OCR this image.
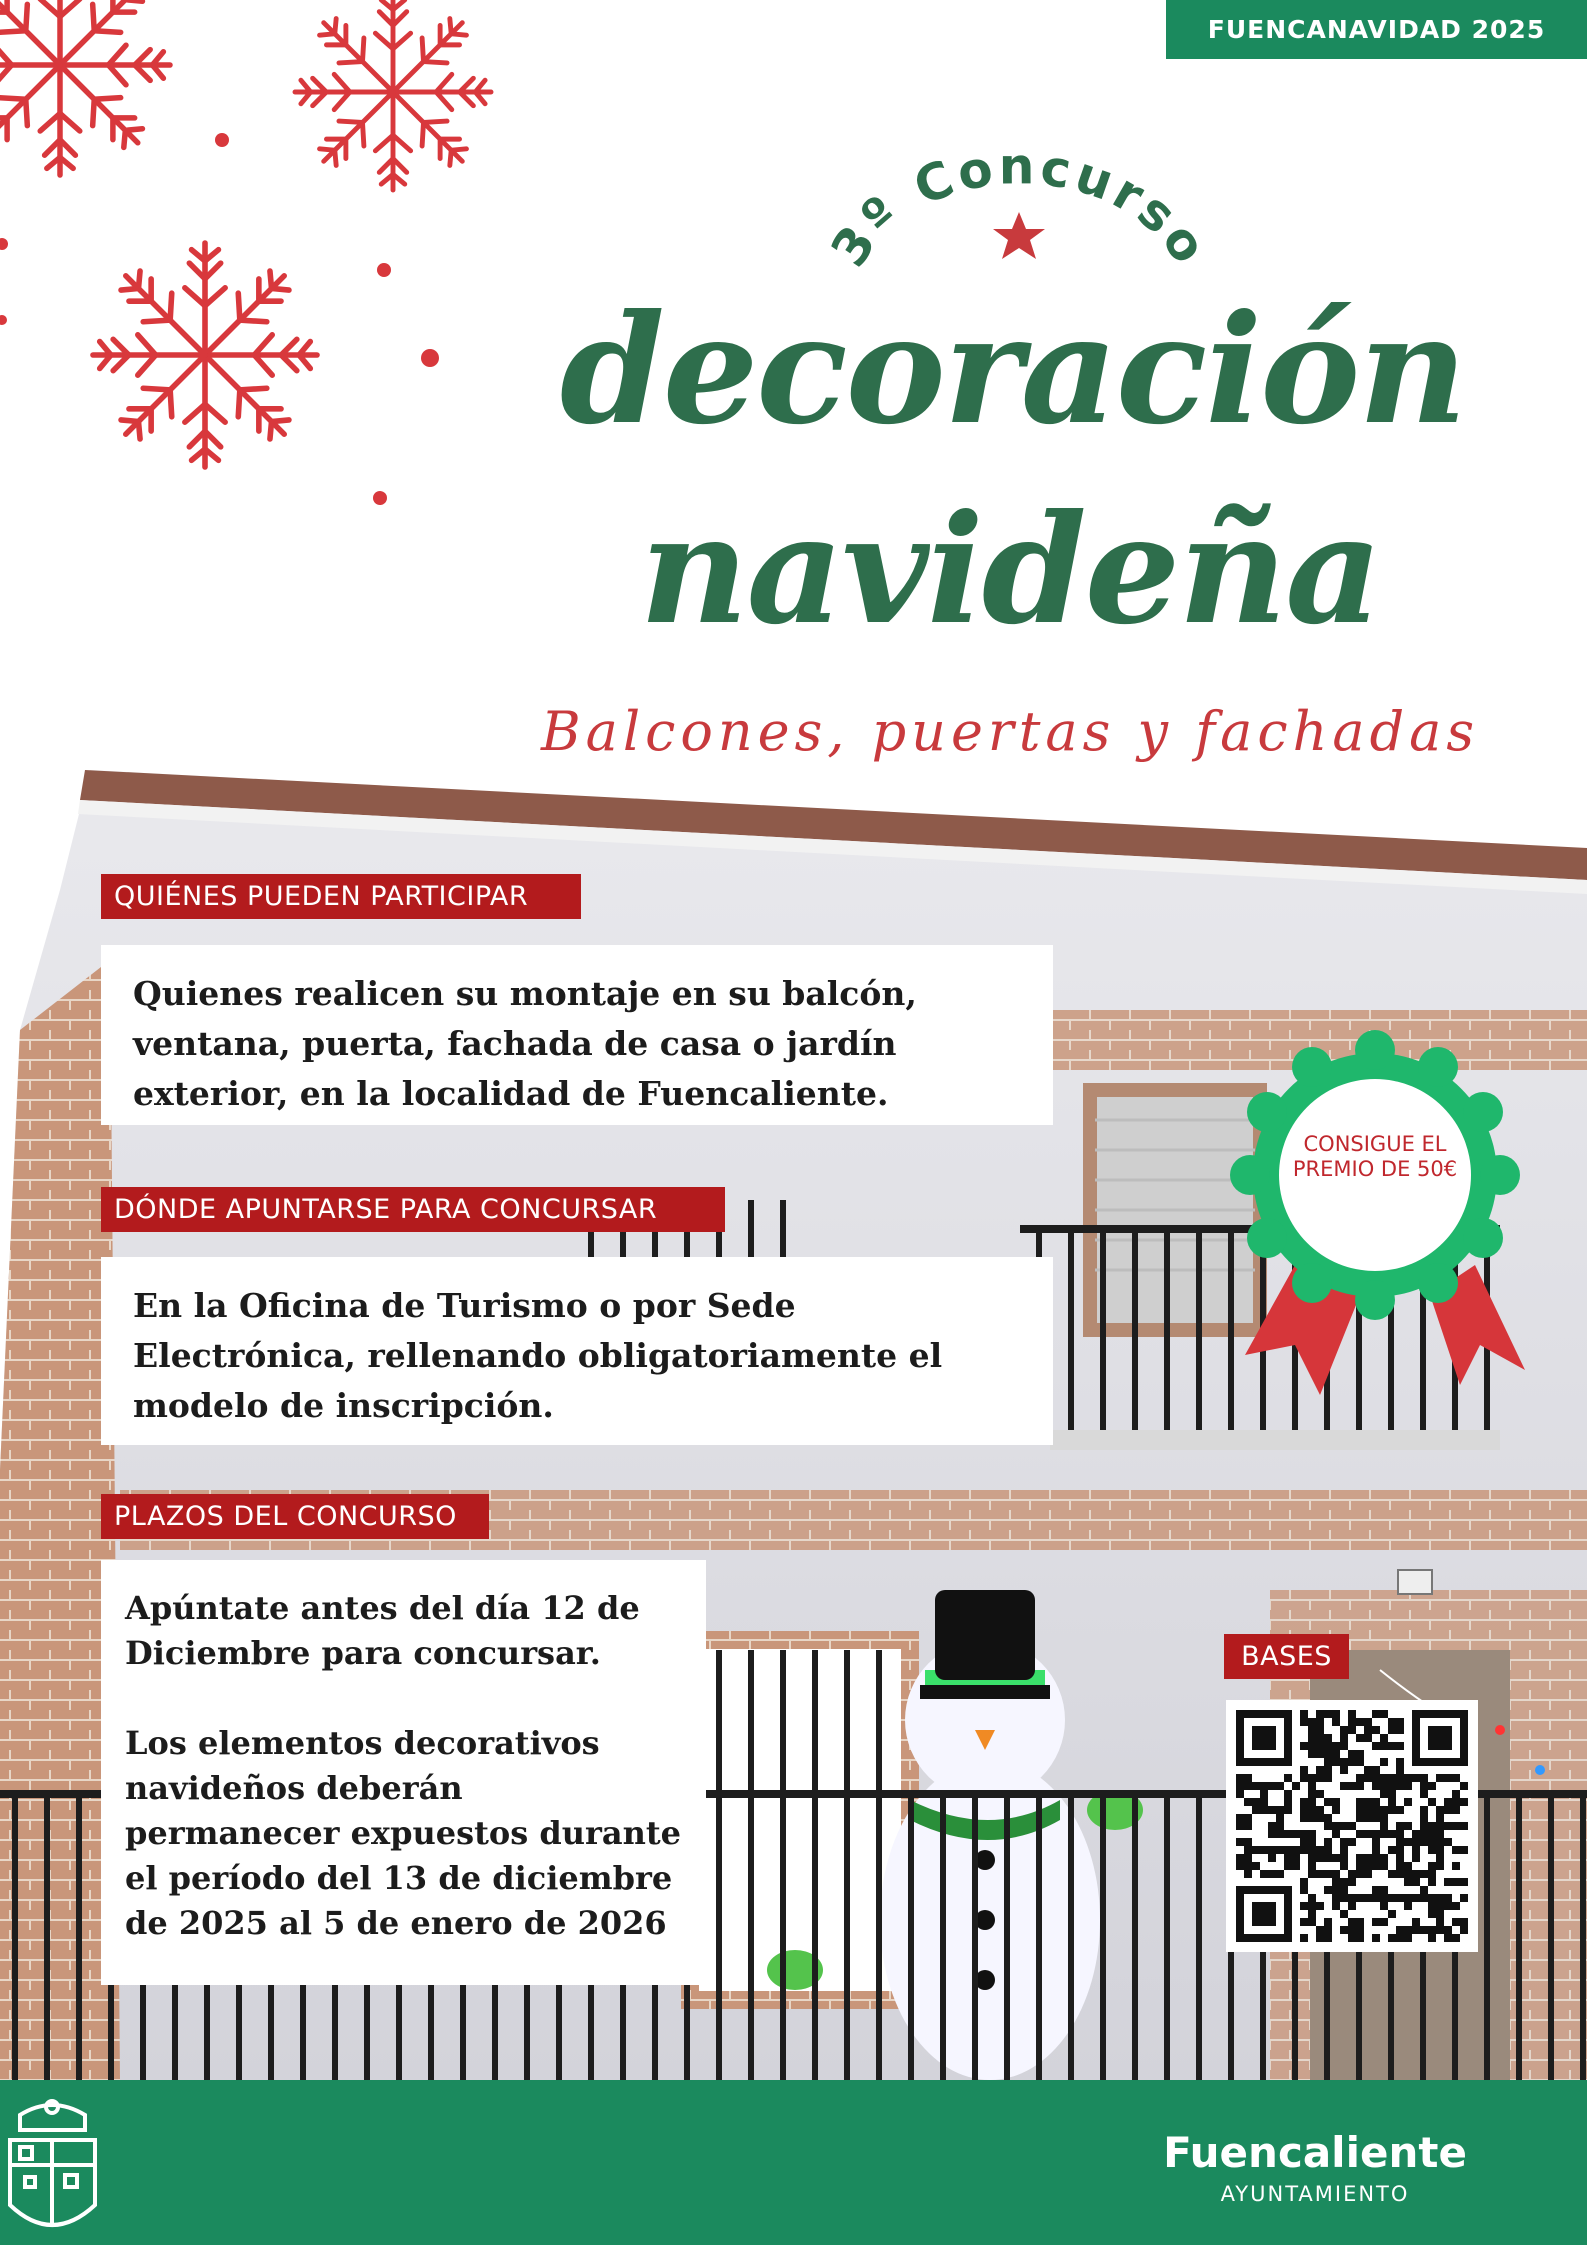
FUENCANAVIDAD 2025
3º Concurso
decoración
navideña
Balcones, puertas y fachadas
QUIÉNES PUEDEN PARTICIPAR
DÓNDE APUNTARSE PARA CONCURSAR
PLAZOS DEL CONCURSO
BASES
Quienes realicen su montaje en su balcón, ventana, puerta, fachada de casa o jardín exterior, en la localidad de Fuencaliente.
En la Oficina de Turismo o por Sede Electrónica, rellenando obligatoriamente el modelo de inscripción.

Apúntate antes del día 12 de Diciembre para concursar.

Los elementos decorativos navideños deberán permanecer expuestos durante el período del 13 de diciembre de 2025 al 5 de enero de 2026

CONSIGUE EL PREMIO DE 50€
Fuencaliente
AYUNTAMIENTO
